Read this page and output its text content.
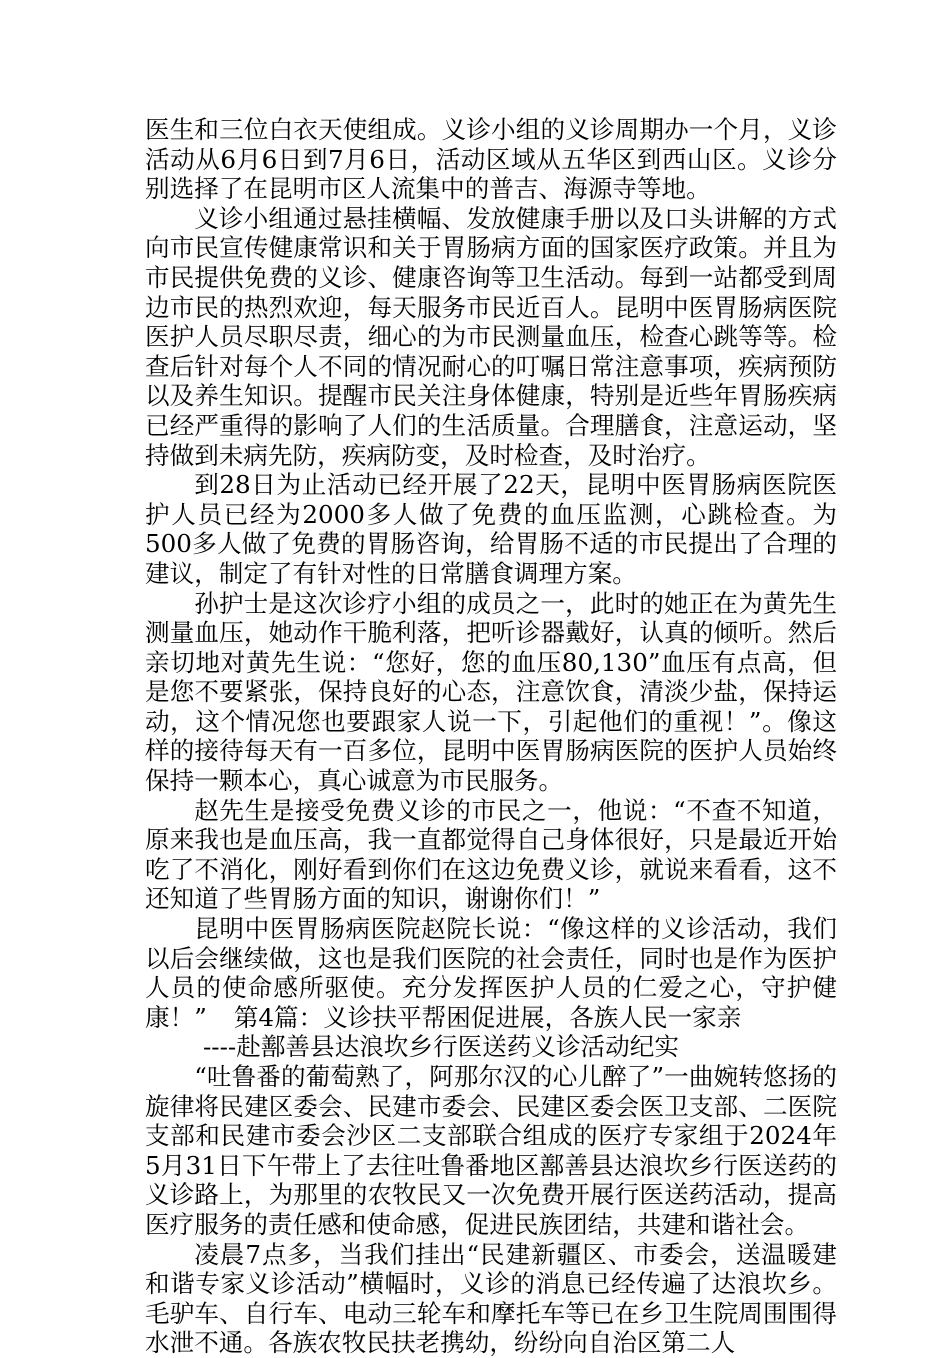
医生和三位白衣天使组成。义诊小组的义诊周期办一个月，义诊活动从6月6日到7月6日，活动区域从五华区到西山区。义诊分别选择了在昆明市区人流集中的普吉、海源寺等地。

义诊小组通过悬挂横幅、发放健康手册以及口头讲解的方式向市民宣传健康常识和关于胃肠病方面的国家医疗政策。并且为市民提供免费的义诊、健康咨询等卫生活动。每到一站都受到周边市民的热烈欢迎，每天服务市民近百人。昆明中医胃肠病医院医护人员尽职尽责，细心的为市民测量血压，检查心跳等等。检查后针对每个人不同的情况耐心的叮嘱日常注意事项，疾病预防以及养生知识。提醒市民关注身体健康，特别是近些年胃肠疾病已经严重得的影响了人们的生活质量。合理膳食，注意运动，坚持做到未病先防，疾病防变，及时检查，及时治疗。

到28日为止活动已经开展了22天，昆明中医胃肠病医院医护人员已经为2000多人做了免费的血压监测，心跳检查。为500多人做了免费的胃肠咨询，给胃肠不适的市民提出了合理的建议，制定了有针对性的日常膳食调理方案。

孙护士是这次诊疗小组的成员之一，此时的她正在为黄先生测量血压，她动作干脆利落，把听诊器戴好，认真的倾听。然后亲切地对黄先生说：“您好，您的血压80,130”血压有点高，但是您不要紧张，保持良好的心态，注意饮食，清淡少盐，保持运动，这个情况您也要跟家人说一下，引起他们的重视！”。像这样的接待每天有一百多位，昆明中医胃肠病医院的医护人员始终保持一颗本心，真心诚意为市民服务。

赵先生是接受免费义诊的市民之一，他说：“不查不知道，原来我也是血压高，我一直都觉得自己身体很好，只是最近开始吃了不消化，刚好看到你们在这边免费义诊，就说来看看，这不还知道了些胃肠方面的知识，谢谢你们！”

昆明中医胃肠病医院赵院长说：“像这样的义诊活动，我们以后会继续做，这也是我们医院的社会责任，同时也是作为医护人员的使命感所驱使。充分发挥医护人员的仁爱之心，守护健康！” 第4篇：义诊扶平帮困促进展，各族人民一家亲

----赴鄯善县达浪坎乡行医送药义诊活动纪实

“吐鲁番的葡萄熟了，阿那尔汉的心儿醉了”一曲婉转悠扬的旋律将民建区委会、民建市委会、民建区委会医卫支部、二医院支部和民建市委会沙区二支部联合组成的医疗专家组于2024年5月31日下午带上了去往吐鲁番地区鄯善县达浪坎乡行医送药的义诊路上，为那里的农牧民又一次免费开展行医送药活动，提高医疗服务的责任感和使命感，促进民族团结，共建和谐社会。

凌晨7点多，当我们挂出“民建新疆区、市委会，送温暖建和谐专家义诊活动”横幅时，义诊的消息已经传遍了达浪坎乡。毛驴车、自行车、电动三轮车和摩托车等已在乡卫生院周围围得水泄不通。各族农牧民扶老携幼，纷纷向自治区第二人
